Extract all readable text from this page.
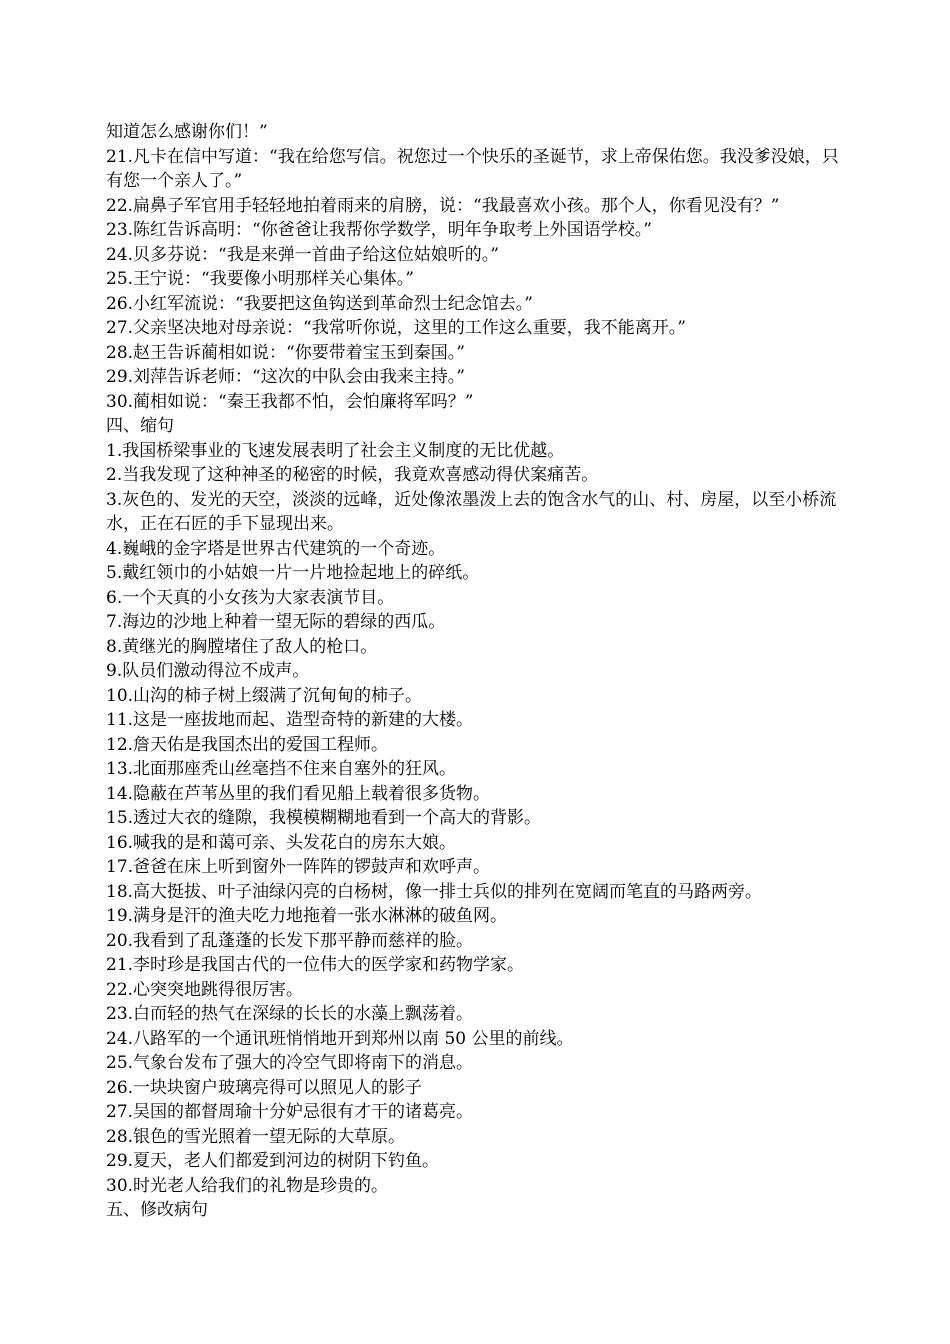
知道怎么感谢你们！”

21.凡卡在信中写道：“我在给您写信。祝您过一个快乐的圣诞节，求上帝保佑您。我没爹没娘，只有您一个亲人了。”

22.扁鼻子军官用手轻轻地拍着雨来的肩膀，说：“我最喜欢小孩。那个人，你看见没有？”

23.陈红告诉高明：“你爸爸让我帮你学数学，明年争取考上外国语学校。”

24.贝多芬说：“我是来弹一首曲子给这位姑娘听的。”

25.王宁说：“我要像小明那样关心集体。”

26.小红军流说：“我要把这鱼钩送到革命烈士纪念馆去。”

27.父亲坚决地对母亲说：“我常听你说，这里的工作这么重要，我不能离开。”

28.赵王告诉蔺相如说：“你要带着宝玉到秦国。”

29.刘萍告诉老师：“这次的中队会由我来主持。”

30.蔺相如说：“秦王我都不怕，会怕廉将军吗？”

四、缩句

1.我国桥梁事业的飞速发展表明了社会主义制度的无比优越。

2.当我发现了这种神圣的秘密的时候，我竟欢喜感动得伏案痛苦。

3.灰色的、发光的天空，淡淡的远峰，近处像浓墨泼上去的饱含水气的山、村、房屋，以至小桥流水，正在石匠的手下显现出来。

4.巍峨的金字塔是世界古代建筑的一个奇迹。

5.戴红领巾的小姑娘一片一片地捡起地上的碎纸。

6.一个天真的小女孩为大家表演节目。

7.海边的沙地上种着一望无际的碧绿的西瓜。

8.黄继光的胸膛堵住了敌人的枪口。

9.队员们激动得泣不成声。

10.山沟的柿子树上缀满了沉甸甸的柿子。

11.这是一座拔地而起、造型奇特的新建的大楼。

12.詹天佑是我国杰出的爱国工程师。

13.北面那座秃山丝毫挡不住来自塞外的狂风。

14.隐蔽在芦苇丛里的我们看见船上载着很多货物。

15.透过大衣的缝隙，我模模糊糊地看到一个高大的背影。

16.喊我的是和蔼可亲、头发花白的房东大娘。

17.爸爸在床上听到窗外一阵阵的锣鼓声和欢呼声。

18.高大挺拔、叶子油绿闪亮的白杨树，像一排士兵似的排列在宽阔而笔直的马路两旁。

19.满身是汗的渔夫吃力地拖着一张水淋淋的破鱼网。

20.我看到了乱蓬蓬的长发下那平静而慈祥的脸。

21.李时珍是我国古代的一位伟大的医学家和药物学家。

22.心突突地跳得很厉害。

23.白而轻的热气在深绿的长长的水藻上飘荡着。

24.八路军的一个通讯班悄悄地开到郑州以南 50 公里的前线。

25.气象台发布了强大的冷空气即将南下的消息。

26.一块块窗户玻璃亮得可以照见人的影子

27.吴国的都督周瑜十分妒忌很有才干的诸葛亮。

28.银色的雪光照着一望无际的大草原。

29.夏天，老人们都爱到河边的树阴下钓鱼。

30.时光老人给我们的礼物是珍贵的。

五、修改病句
